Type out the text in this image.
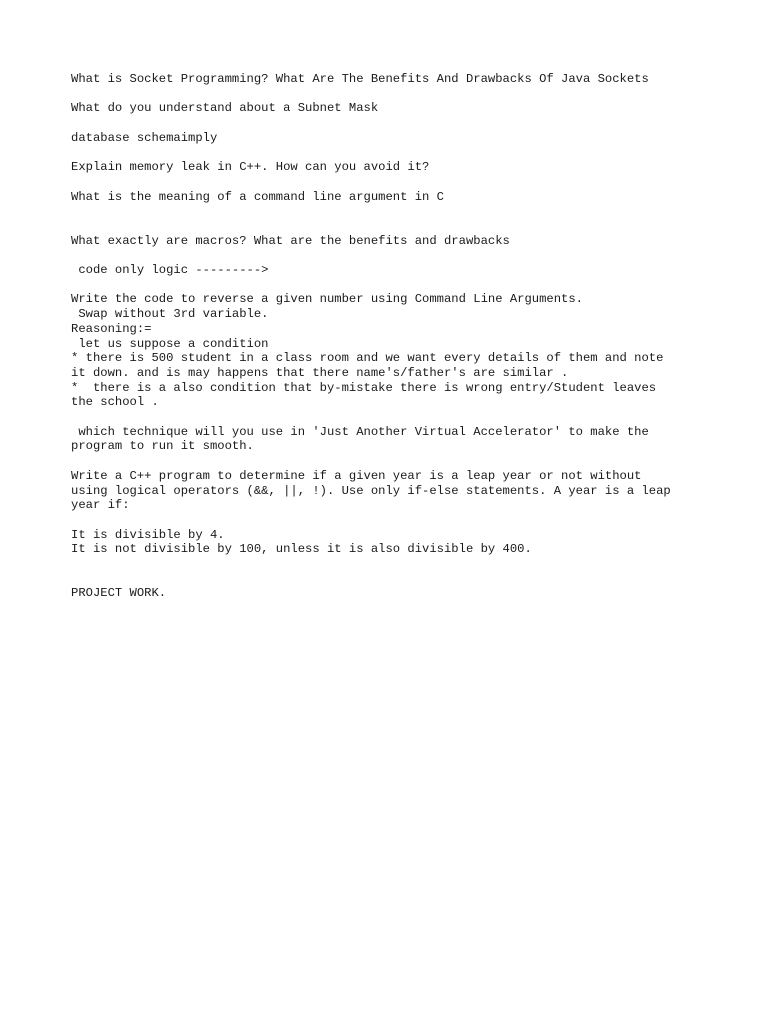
What is Socket Programming? What Are The Benefits And Drawbacks Of Java Sockets
What do you understand about a Subnet Mask
database schemaimply
Explain memory leak in C++. How can you avoid it?
What is the meaning of a command line argument in C
What exactly are macros? What are the benefits and drawbacks
code only logic --------->
Write the code to reverse a given number using Command Line Arguments.
Swap without 3rd variable.
Reasoning:=
let us suppose a condition
* there is 500 student in a class room and we want every details of them and note
it down. and is may happens that there name's/father's are similar .
*  there is a also condition that by-mistake there is wrong entry/Student leaves
the school .
which technique will you use in 'Just Another Virtual Accelerator' to make the
program to run it smooth.
Write a C++ program to determine if a given year is a leap year or not without
using logical operators (&&, ||, !). Use only if-else statements. A year is a leap
year if:
It is divisible by 4.
It is not divisible by 100, unless it is also divisible by 400.
PROJECT WORK.
